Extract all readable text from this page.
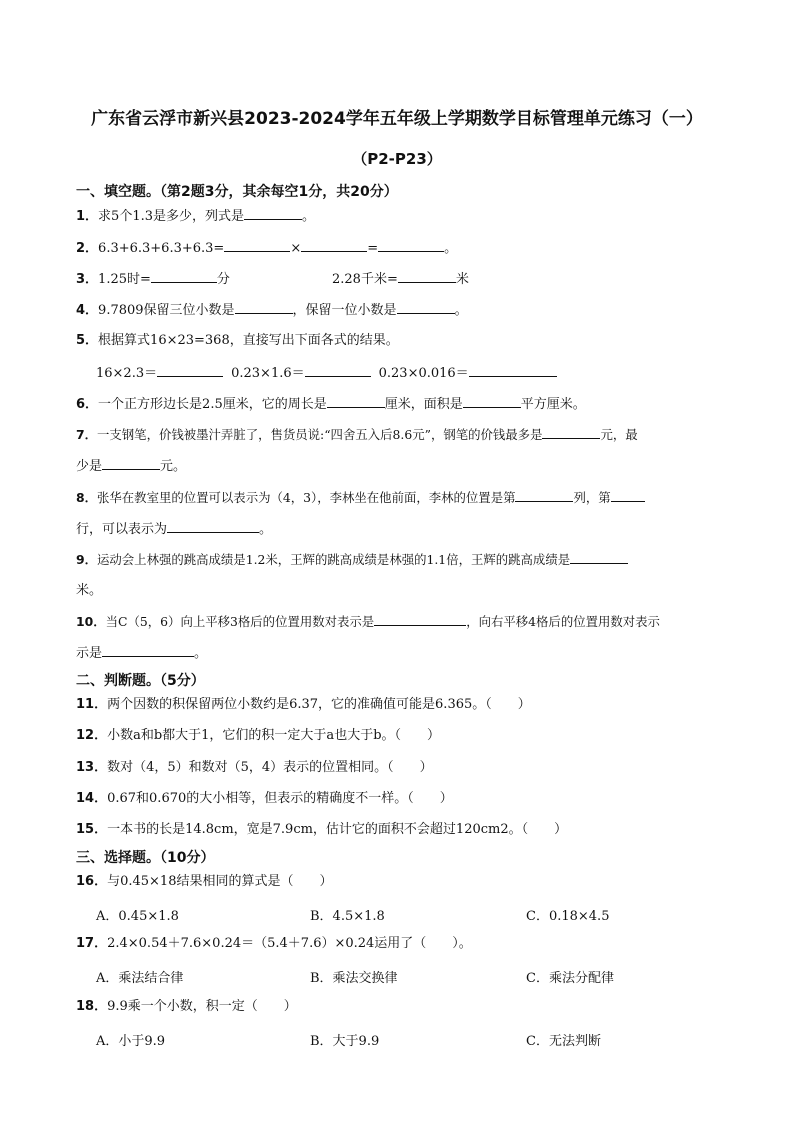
广东省云浮市新兴县2023-2024学年五年级上学期数学目标管理单元练习（一）
（P2-P23）
一、填空题。（第2题3分，其余每空1分，共20分）
1．求5个1.3是多少，列式是	。
2．6.3+6.3+6.3+6.3=	×	=	。
3．1.25时=	分	2.28千米=	米
4．9.7809保留三位小数是	，保留一位小数是	。
5．根据算式16×23=368，直接写出下面各式的结果。
16×2.3＝	0.23×1.6＝	0.23×0.016＝
6．一个正方形边长是2.5厘米，它的周长是	厘米，面积是	平方厘米。
7．一支钢笔，价钱被墨汁弄脏了，售货员说:“四舍五入后8.6元”，钢笔的价钱最多是	元，最
少是	元。
8．张华在教室里的位置可以表示为（4，3），李林坐在他前面，李林的位置是第	列，第
行，可以表示为	。
9．运动会上林强的跳高成绩是1.2米，王辉的跳高成绩是林强的1.1倍，王辉的跳高成绩是
米。
10．当C（5，6）向上平移3格后的位置用数对表示是	，向右平移4格后的位置用数对表示
示是	。
二、判断题。（5分）
11．两个因数的积保留两位小数约是6.37，它的准确值可能是6.365。（　　）
12．小数a和b都大于1，它们的积一定大于a也大于b。（　　）
13．数对（4，5）和数对（5，4）表示的位置相同。（　　）
14．0.67和0.670的大小相等，但表示的精确度不一样。（　　）
15．一本书的长是14.8cm，宽是7.9cm，估计它的面积不会超过120cm2。（　　）
三、选择题。（10分）
16．与0.45×18结果相同的算式是（　　）
A．0.45×1.8	B．4.5×1.8	C．0.18×4.5
17．2.4×0.54＋7.6×0.24＝（5.4＋7.6）×0.24运用了（　　）。
A．乘法结合律	B．乘法交换律	C．乘法分配律
18．9.9乘一个小数，积一定（　　）
A．小于9.9	B．大于9.9	C．无法判断
